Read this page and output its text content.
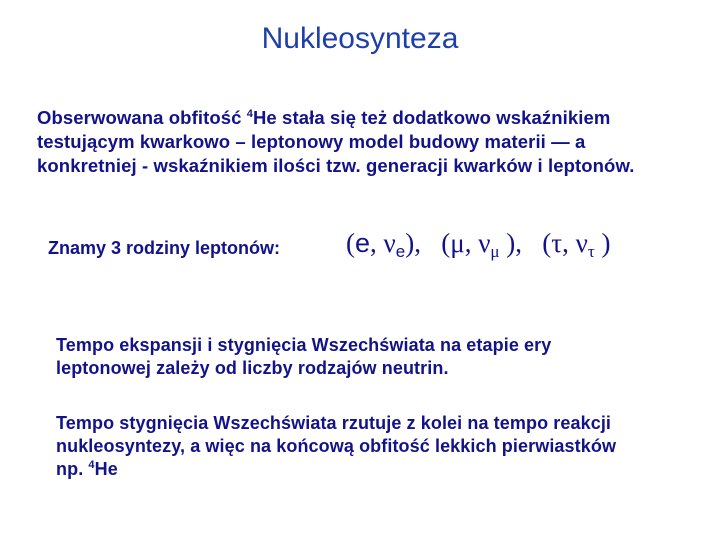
Nukleosynteza
Obserwowana obfitość $^4$He stała się też dodatkowo wskaźnikiem
testującym kwarkowo – leptonowy model budowy materii — a
konkretniej - wskaźnikiem ilości tzw. generacji kwarków i leptonów.
Znamy 3 rodziny leptonów: (e, $\nu_e$),   (μ, $\nu_\mu$ ),   (τ, $\nu_\tau$ )
Tempo ekspansji i stygnięcia Wszechświata na etapie ery
leptonowej zależy od liczby rodzajów neutrin.
Tempo stygnięcia Wszechświata rzutuje z kolei na tempo reakcji
nukleosyntezy, a więc na końcową obfitość lekkich pierwiastków
np. $^4$He
